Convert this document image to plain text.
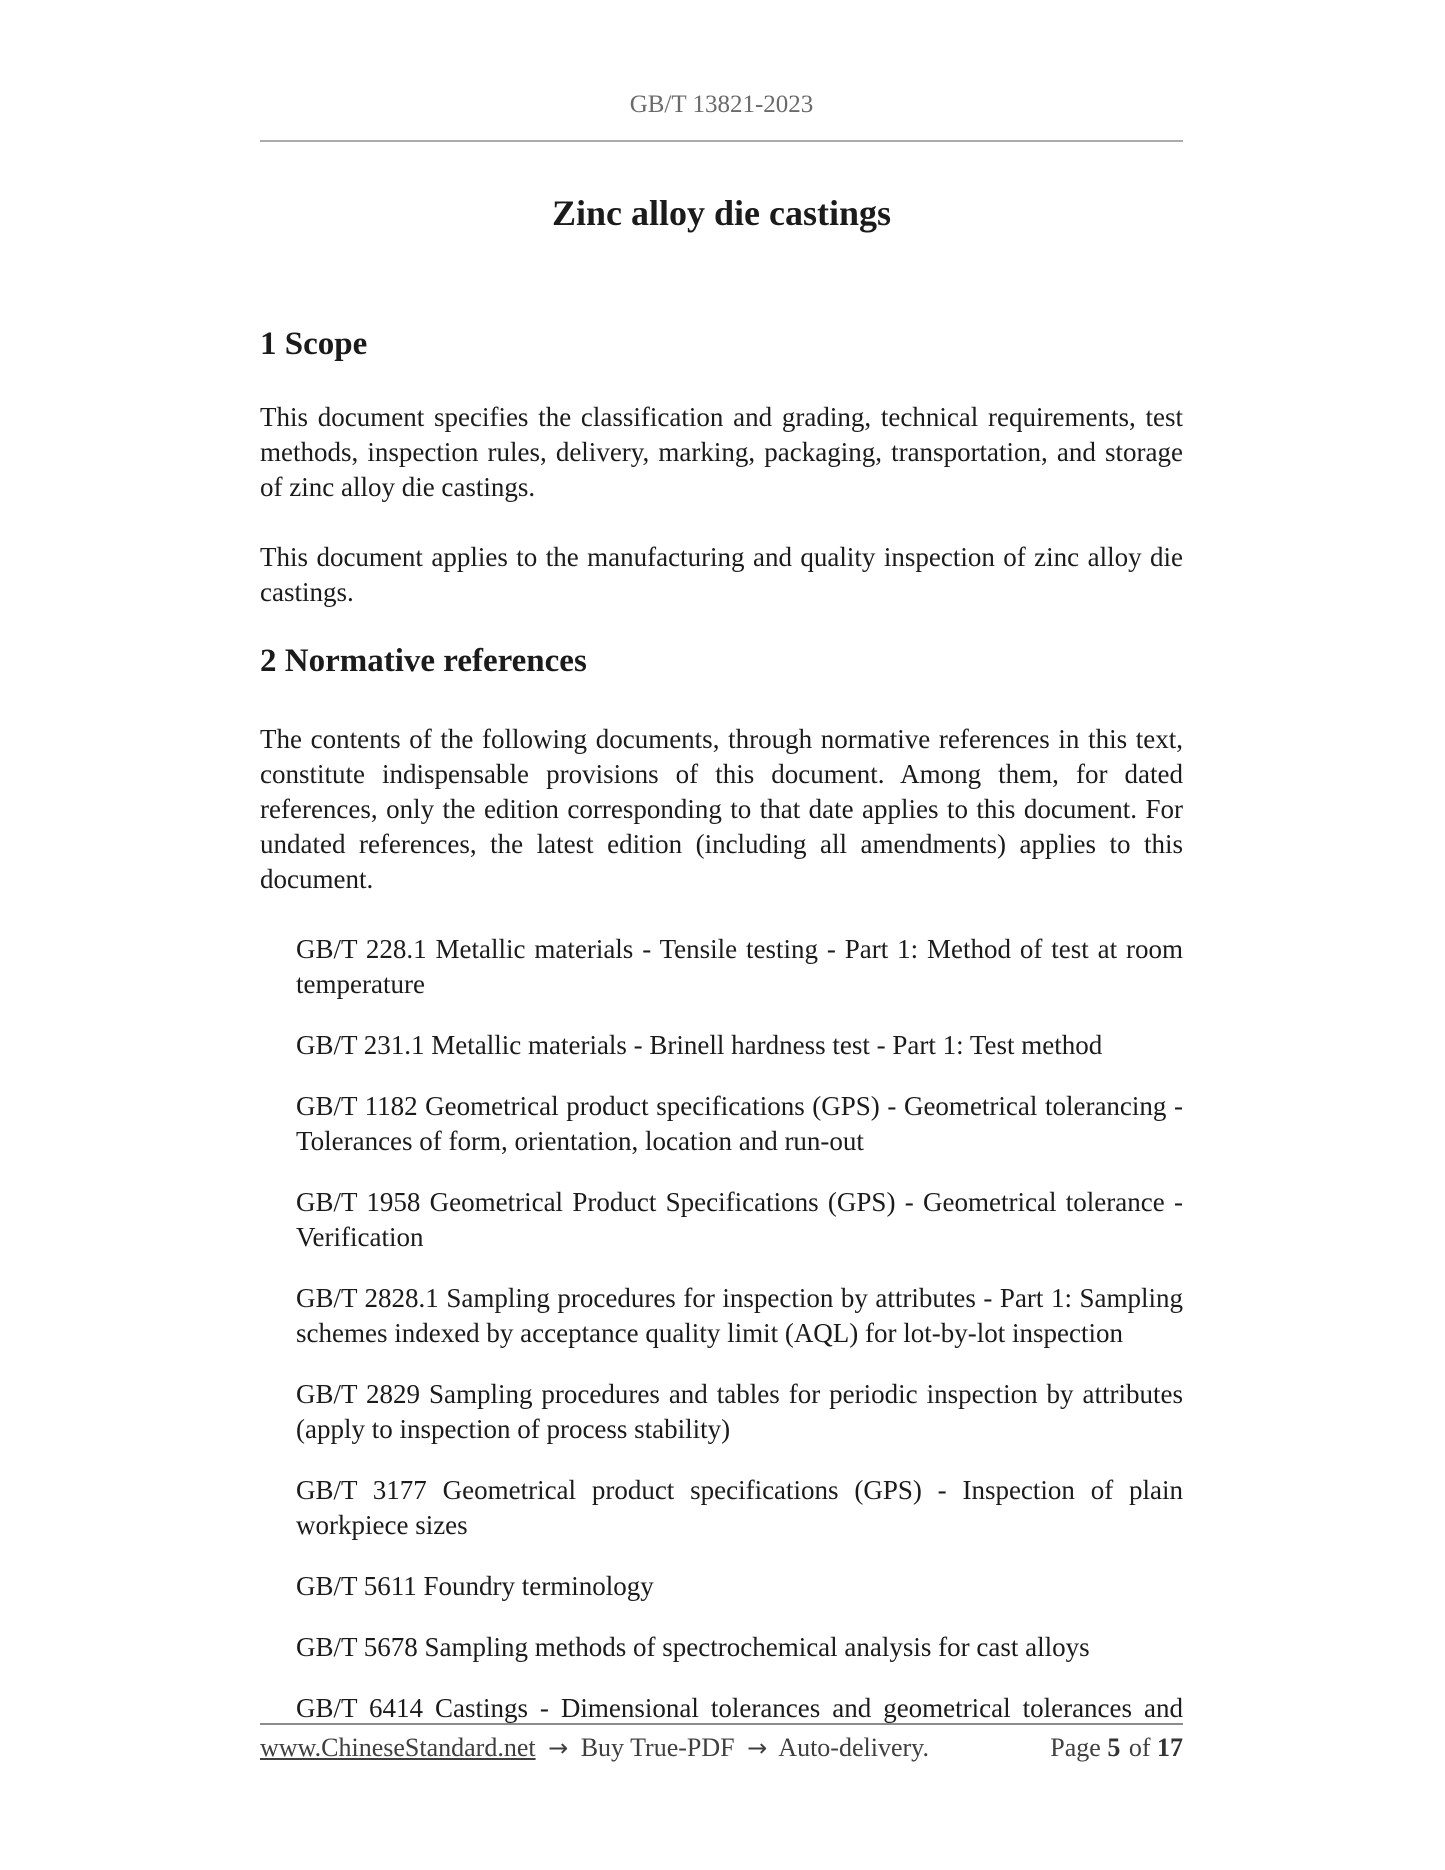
GB/T 13821-2023
Zinc alloy die castings
1 Scope

This document specifies the classification and grading, technical requirements, test methods, inspection rules, delivery, marking, packaging, transportation, and storage of zinc alloy die castings.

This document applies to the manufacturing and quality inspection of zinc alloy die castings.

2 Normative references

The contents of the following documents, through normative references in this text, constitute indispensable provisions of this document. Among them, for dated references, only the edition corresponding to that date applies to this document. For undated references, the latest edition (including all amendments) applies to this document.

GB/T 228.1 Metallic materials - Tensile testing - Part 1: Method of test at room temperature

GB/T 231.1 Metallic materials - Brinell hardness test - Part 1: Test method

GB/T 1182 Geometrical product specifications (GPS) - Geometrical tolerancing - Tolerances of form, orientation, location and run-out

GB/T 1958 Geometrical Product Specifications (GPS) - Geometrical tolerance - Verification

GB/T 2828.1 Sampling procedures for inspection by attributes - Part 1: Sampling schemes indexed by acceptance quality limit (AQL) for lot-by-lot inspection

GB/T 2829 Sampling procedures and tables for periodic inspection by attributes (apply to inspection of process stability)

GB/T 3177 Geometrical product specifications (GPS) - Inspection of plain workpiece sizes

GB/T 5611 Foundry terminology

GB/T 5678 Sampling methods of spectrochemical analysis for cast alloys

GB/T 6414 Castings - Dimensional tolerances and geometrical tolerances and

www.ChineseStandard.net → Buy True-PDF → Auto-delivery.	Page 5 of 17
